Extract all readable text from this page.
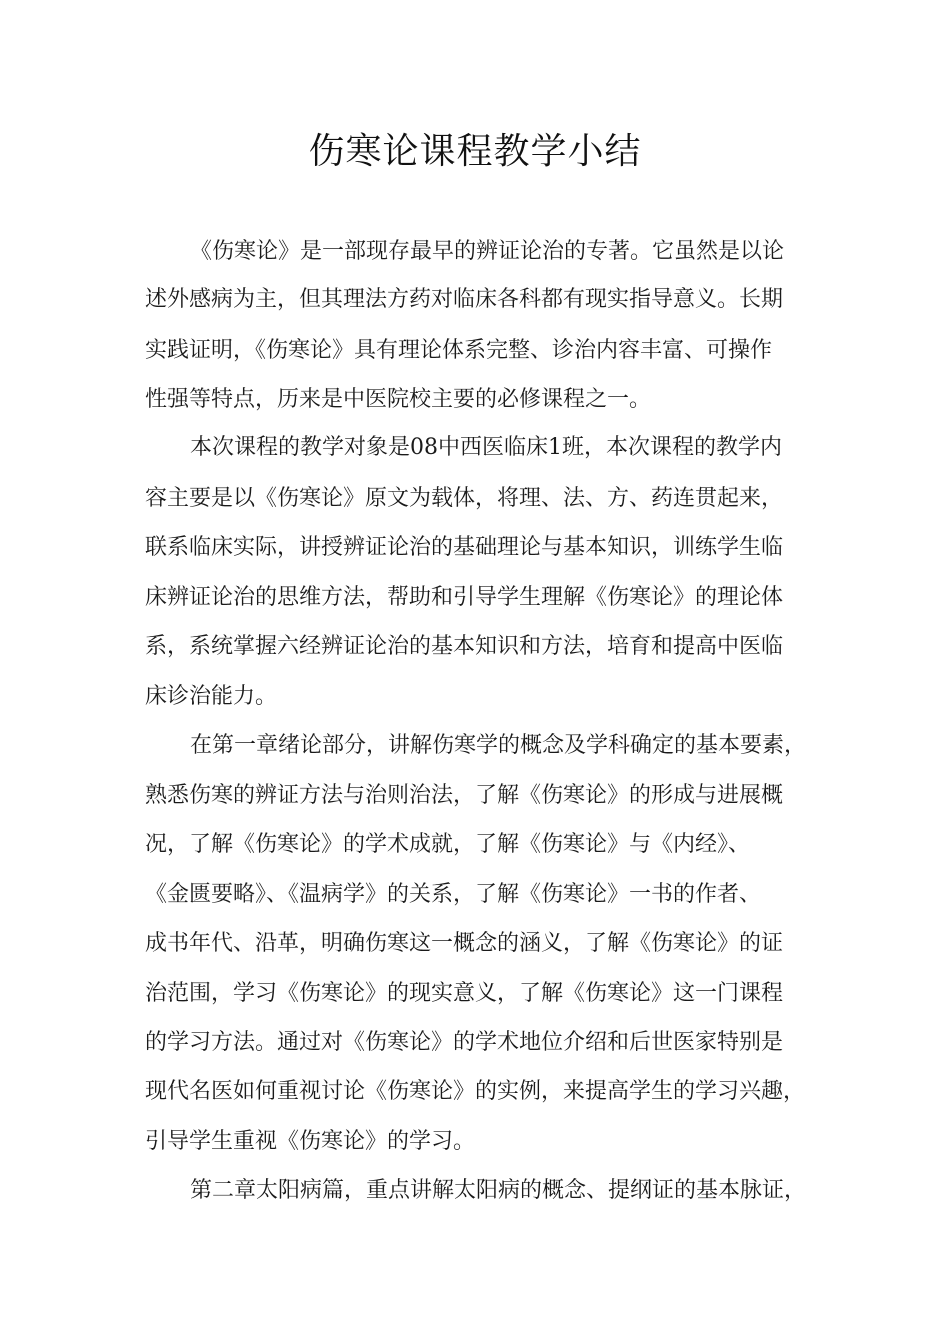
伤寒论课程教学小结
《伤寒论》是一部现存最早的辨证论治的专著。它虽然是以论
述外感病为主，但其理法方药对临床各科都有现实指导意义。长期
实践证明，《伤寒论》具有理论体系完整、诊治内容丰富、可操作
性强等特点，历来是中医院校主要的必修课程之一。
本次课程的教学对象是08中西医临床1班，本次课程的教学内
容主要是以《伤寒论》原文为载体，将理、法、方、药连贯起来，
联系临床实际，讲授辨证论治的基础理论与基本知识，训练学生临
床辨证论治的思维方法，帮助和引导学生理解《伤寒论》的理论体
系，系统掌握六经辨证论治的基本知识和方法，培育和提高中医临
床诊治能力。
在第一章绪论部分，讲解伤寒学的概念及学科确定的基本要素，
熟悉伤寒的辨证方法与治则治法，了解《伤寒论》的形成与进展概
况，了解《伤寒论》的学术成就，了解《伤寒论》与《内经》、
《金匮要略》、《温病学》的关系，了解《伤寒论》一书的作者、
成书年代、沿革，明确伤寒这一概念的涵义，了解《伤寒论》的证
治范围，学习《伤寒论》的现实意义，了解《伤寒论》这一门课程
的学习方法。通过对《伤寒论》的学术地位介绍和后世医家特别是
现代名医如何重视讨论《伤寒论》的实例，来提高学生的学习兴趣，
引导学生重视《伤寒论》的学习。
第二章太阳病篇，重点讲解太阳病的概念、提纲证的基本脉证，
